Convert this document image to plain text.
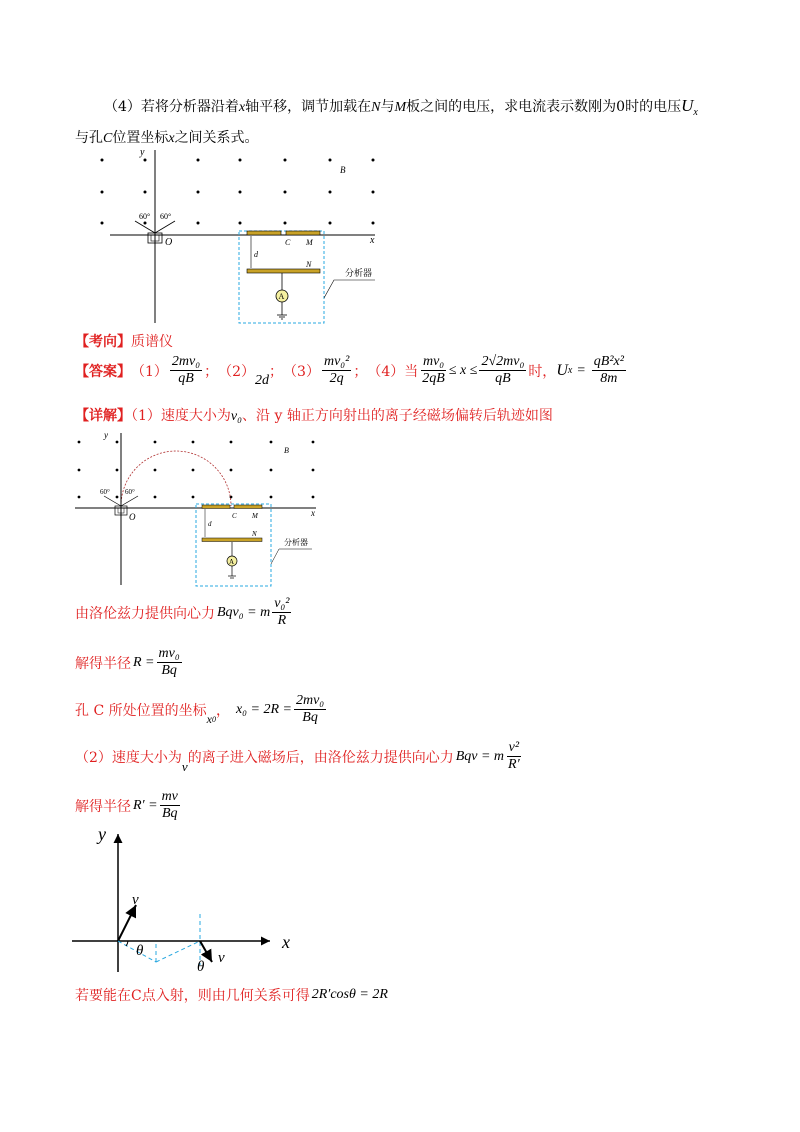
（4）若将分析器沿着x轴平移，调节加载在N与M板之间的电压，求电流表示数刚为0时的电压$U_x$
与孔C位置坐标x之间关系式。
y
x
O
B
60° 60°
C M
N
d
A
分析器
【考向】质谱仪
【答案】 $(1) \frac{\text{2mv₀}}{qB}$ ； （2）
2d
； $(3) \frac{\text{mv₀²}}{2q}$ ； （4）当 $\frac{\text{mv₀}}{2qB} \le x \le \frac{\text{2√2mv₀}}{qB}$ 时， U $x = \frac{\text{qB²x²}}{8m}$
【详解】（1）速度大小为v₀、沿 y 轴正方向射出的离子经磁场偏转后轨迹如图
y
x
O
B
60° 60°
C M
N
d
A
分析器
由洛伦兹力提供向心力 Bqv₀ = m $\frac{\text{v₀²}}{R}$
解得半径 $R = \frac{\text{mv₀}}{Bq}$
孔 C 所处位置的坐标
$x_0$
， $x_0 = 2R = \frac{\text{2mv₀}}{Bq}$
（2）速度大小为
v
的离子进入磁场后，由洛伦兹力提供向心力 Bqv = m $\frac{\text{v²}}{R'}$
解得半径 $R' = \frac{mv}{Bq}$
y
x
v
θ	v
θ
若要能在C点入射，则由几何关系可得 2R′cosθ = 2R
